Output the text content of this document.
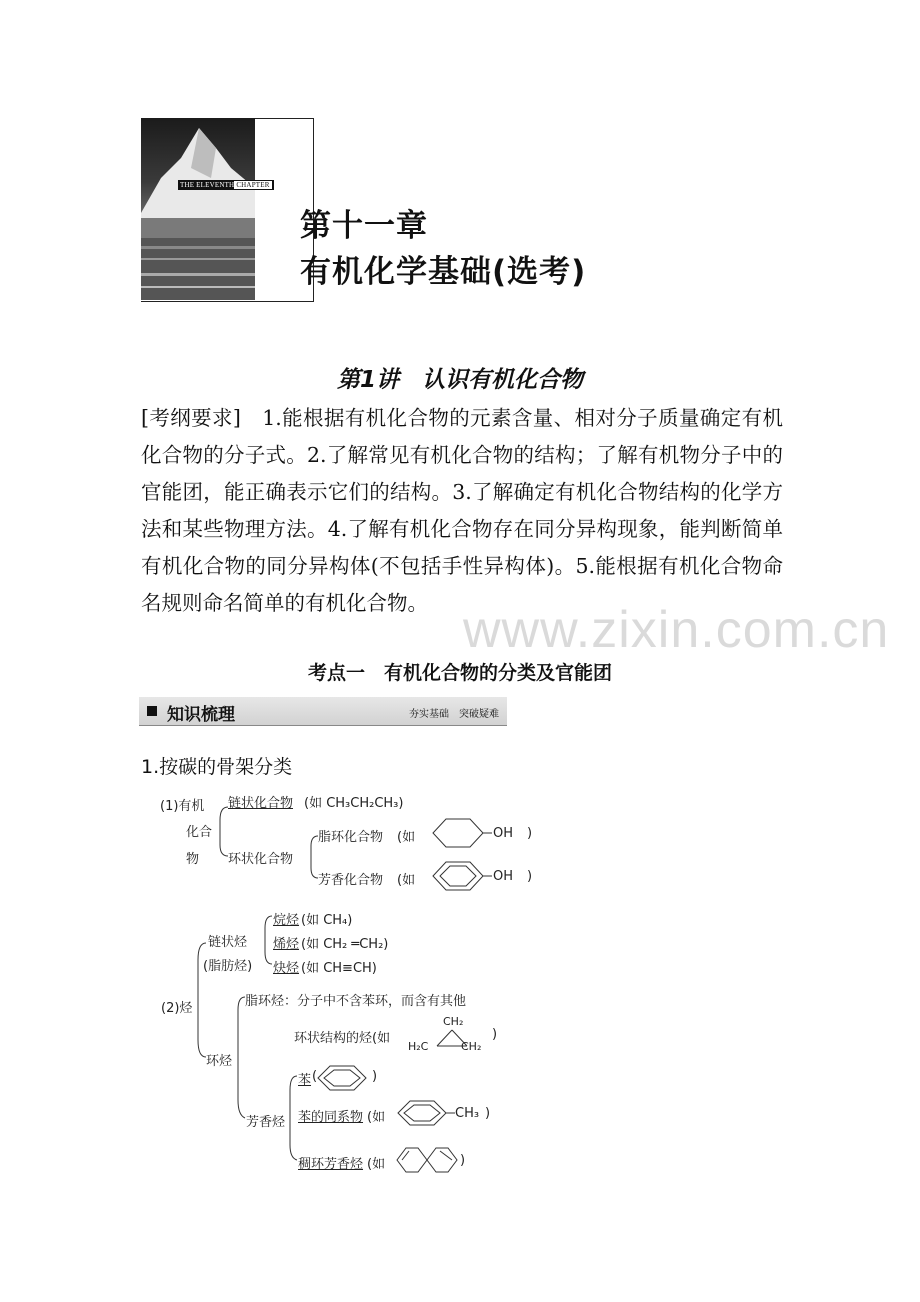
THE ELEVENTH CHAPTER
第十一章
有机化学基础(选考)
第1讲　认识有机化合物
[考纲要求]　1.能根据有机化合物的元素含量、相对分子质量确定有机化合物的分子式。2.了解常见有机化合物的结构；了解有机物分子中的官能团，能正确表示它们的结构。3.了解确定有机化合物结构的化学方法和某些物理方法。4.了解有机化合物存在同分异构现象，能判断简单有机化合物的同分异构体(不包括手性异构体)。5.能根据有机化合物命名规则命名简单的有机化合物。 www.zixin.com.cn
考点一　有机化合物的分类及官能团
知识梳理	夯实基础　突破疑难
1.按碳的骨架分类
(1)有机
化合
物
链状化合物 (如 CH₃CH₂CH₃)
环状化合物
脂环化合物 (如	OH )
芳香化合物 (如	OH )
(2)烃
链状烃
(脂肪烃)
烷烃 (如 CH₄)
烯烃 (如 CH₂ ═CH₂)
炔烃 (如 CH≡CH)
环烃
脂环烃：分子中不含苯环，而含有其他
环状结构的烃(如
CH₂
H₂C	CH₂
)
芳香烃
苯 (	)
苯的同系物 (如	CH₃ )
稠环芳香烃 (如	)
